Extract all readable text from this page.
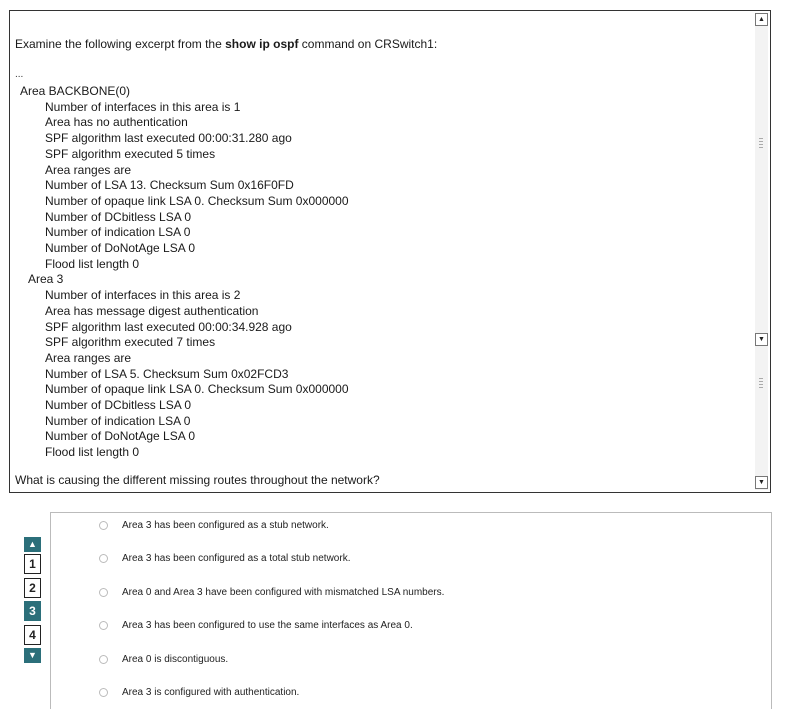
Examine the following excerpt from the show ip ospf command on CRSwitch1:
...
Area BACKBONE(0)
Number of interfaces in this area is 1
Area has no authentication
SPF algorithm last executed 00:00:31.280 ago
SPF algorithm executed 5 times
Area ranges are
Number of LSA 13. Checksum Sum 0x16F0FD
Number of opaque link LSA 0. Checksum Sum 0x000000
Number of DCbitless LSA 0
Number of indication LSA 0
Number of DoNotAge LSA 0
Flood list length 0
Area 3
Number of interfaces in this area is 2
Area has message digest authentication
SPF algorithm last executed 00:00:34.928 ago
SPF algorithm executed 7 times
Area ranges are
Number of LSA 5. Checksum Sum 0x02FCD3
Number of opaque link LSA 0. Checksum Sum 0x000000
Number of DCbitless LSA 0
Number of indication LSA 0
Number of DoNotAge LSA 0
Flood list length 0
What is causing the different missing routes throughout the network?
▲
▼
▼
Area 3 has been configured as a stub network.
Area 3 has been configured as a total stub network.
Area 0 and Area 3 have been configured with mismatched LSA numbers.
Area 3 has been configured to use the same interfaces as Area 0.
Area 0 is discontiguous.
Area 3 is configured with authentication.
▲
1
2
3
4
▼
